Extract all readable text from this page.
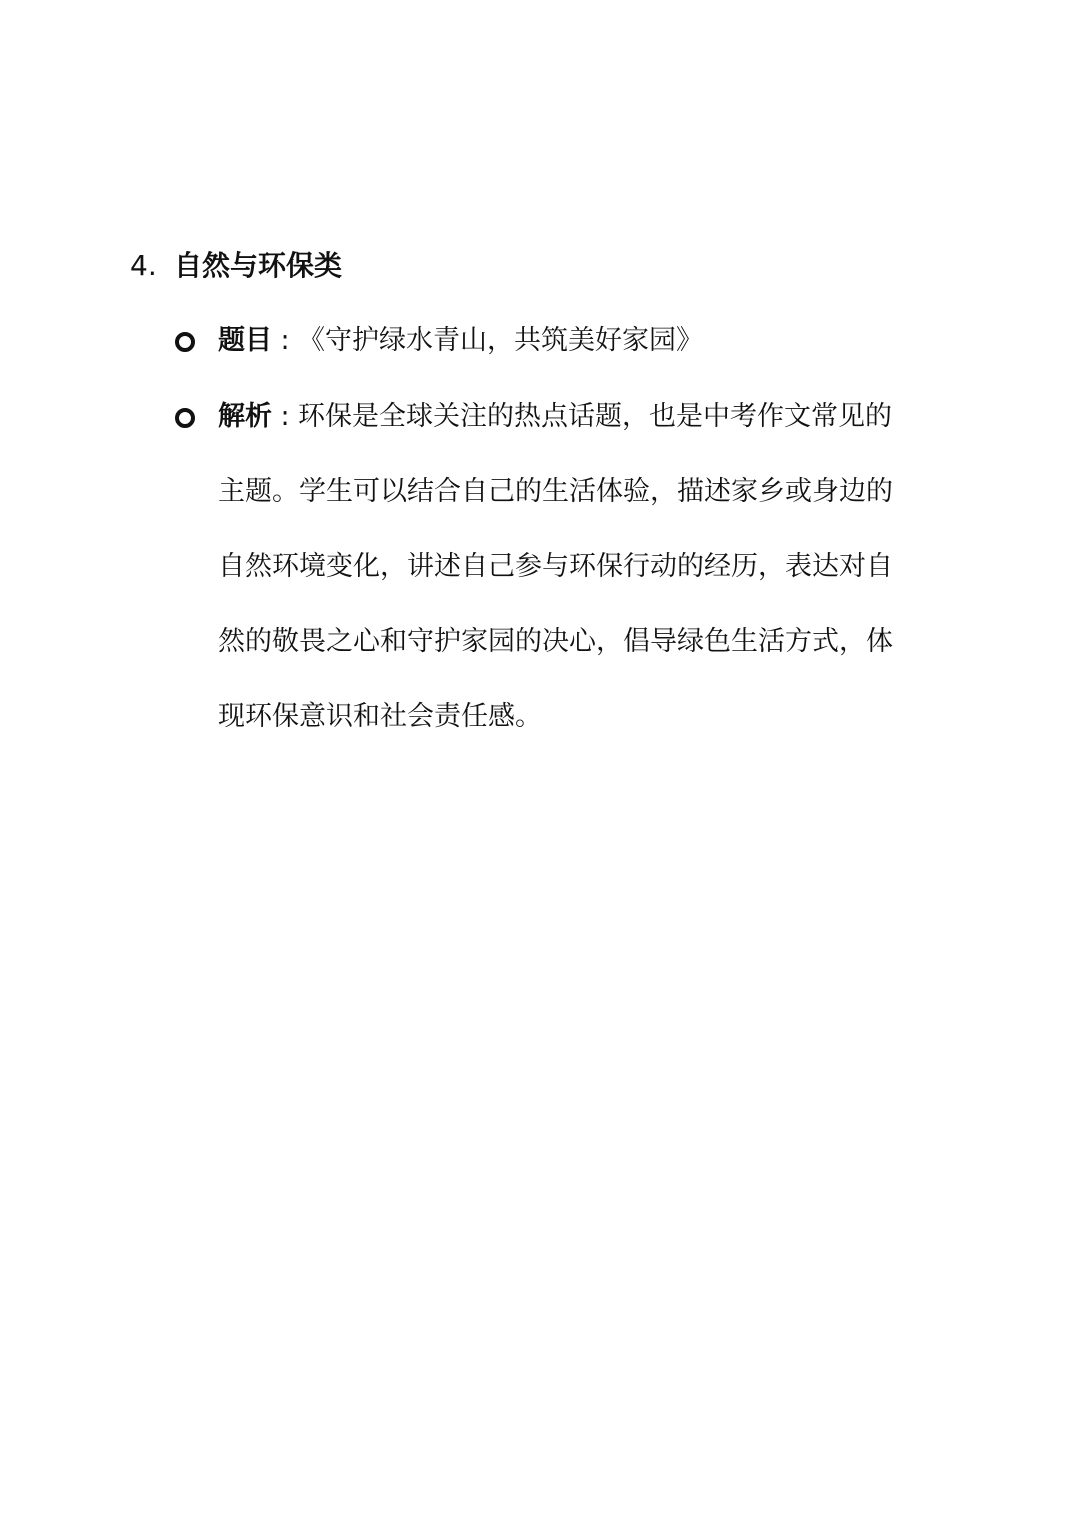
4. 自然与环保类
题目 : 《守护绿水青山，共筑美好家园》
解析 : 环保是全球关注的热点话题，也是中考作文常见的
主题。学生可以结合自己的生活体验，描述家乡或身边的
自然环境变化，讲述自己参与环保行动的经历，表达对自
然的敬畏之心和守护家园的决心，倡导绿色生活方式，体
现环保意识和社会责任感。
